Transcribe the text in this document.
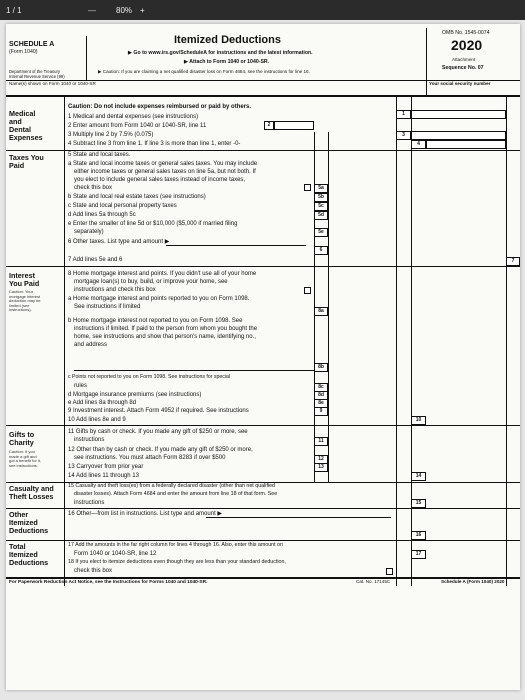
1 / 1	—	80% +
SCHEDULE A
(Form 1040)
Department of the Treasury
Internal Revenue Service (99)
Itemized Deductions
▶ Go to www.irs.gov/ScheduleA for instructions and the latest information.
▶ Attach to Form 1040 or 1040-SR.
▶ Caution: If you are claiming a net qualified disaster loss on Form 4684, see the instructions for line 16.
OMB No. 1545-0074
2020
Attachment
Sequence No. 07
Name(s) shown on Form 1040 or 1040-SR	Your social security number
Medical
and
Dental
Expenses
Caution: Do not include expenses reimbursed or paid by others.
1 Medical and dental expenses (see instructions)	1
2 Enter amount from Form 1040 or 1040-SR, line 11	2
3 Multiply line 2 by 7.5% (0.075)	3
4 Subtract line 3 from line 1. If line 3 is more than line 1, enter -0-	4
Taxes You
Paid
5 State and local taxes.
a State and local income taxes or general sales taxes. You may include
either income taxes or general sales taxes on line 5a, but not both. If
you elect to include general sales taxes instead of income taxes,
check this box	5a
b State and local real estate taxes (see instructions)	5b
c State and local personal property taxes	5c
d Add lines 5a through 5c	5d
e Enter the smaller of line 5d or $10,000 ($5,000 if married filing
separately)	5e
6 Other taxes. List type and amount ▶
6
7 Add lines 5e and 6	7
Interest
You Paid
Caution: Your
mortgage interest
deduction may be
limited (see
instructions).
8 Home mortgage interest and points. If you didn't use all of your home
mortgage loan(s) to buy, build, or improve your home, see
instructions and check this box
a Home mortgage interest and points reported to you on Form 1098.
See instructions if limited
8a
b Home mortgage interest not reported to you on Form 1098. See
instructions if limited. If paid to the person from whom you bought the
home, see instructions and show that person's name, identifying no.,
and address
8b
c Points not reported to you on Form 1098. See instructions for special
rules	8c
d Mortgage insurance premiums (see instructions)	8d
e Add lines 8a through 8d	8e
9 Investment interest. Attach Form 4952 if required. See instructions	9
10 Add lines 8e and 9	10
Gifts to
Charity
Caution: If you
made a gift and
got a benefit for it,
see instructions.
11 Gifts by cash or check. If you made any gift of $250 or more, see
instructions	11
12 Other than by cash or check. If you made any gift of $250 or more,
see instructions. You must attach Form 8283 if over $500	12
13 Carryover from prior year	13
14 Add lines 11 through 13	14
Casualty and
Theft Losses
15 Casualty and theft loss(es) from a federally declared disaster (other than net qualified
disaster losses). Attach Form 4684 and enter the amount from line 18 of that form. See
instructions	15
Other
Itemized
Deductions
16 Other—from list in instructions. List type and amount ▶
16
Total
Itemized
Deductions
17 Add the amounts in the far right column for lines 4 through 16. Also, enter this amount on
Form 1040 or 1040-SR, line 12	17
18 If you elect to itemize deductions even though they are less than your standard deduction,
check this box
For Paperwork Reduction Act Notice, see the Instructions for Forms 1040 and 1040-SR.	Cat. No. 17145C	Schedule A (Form 1040) 2020
